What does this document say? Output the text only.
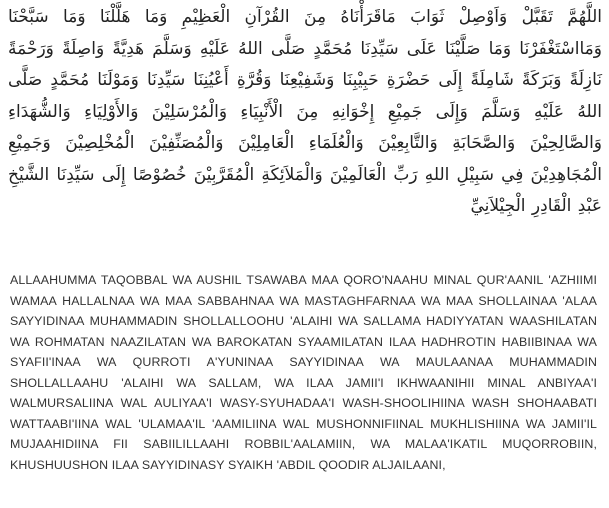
اللَّهُمَّ تَقَبَّلْ وَاَوْصِلْ ثَوَابَ مَاقَرَأْنَاهُ مِنَ القُرْآنِ الْعَظِيْمِ وَمَا هَلَّلْنَا وَمَا سَبَّحْنَا وَمَااسْتَغْفَرْنَا وَمَا صَلَّيْنَا عَلَى سَيِّدِنَا مُحَمَّدٍ صَلَّى اللهُ عَلَيْهِ وَسَلَّمَ هَدِيَّةً وَاصِلَةً وَرَحْمَةً نَازِلَةً وَبَرَكَةً شَامِلَةً إِلَى حَضْرَةِ حَبِيْبِنَا وَشَفِيْعِنَا وَقُرَّةِ أَعْيُنِنَا سَيِّدِنَا وَمَوْلَنَا مُحَمَّدٍ صَلَّى اللهُ عَلَيْهِ وَسَلَّمَ وَإِلَى جَمِيْعِ إِخْوَانِهِ مِنَ الْأَنْبِيَاءِ وَالْمُرْسَلِيْنَ وَالأَوْلِيَاءِ وَالشُّهَدَاءِ وَالصَّالِحِيْنَ وَالصَّحَابَةِ وَالتَّابِعِيْنَ وَالْعُلَمَاءِ الْعَامِلِيْنَ وَالْمُصَنِّفِيْنَ الْمُخْلِصِيْنَ وَجَمِيْعِ الْمُجَاهِدِيْنَ فِي سَبِيْلِ اللهِ رَبِّ الْعَالَمِيْنَ وَالْمَلاَئِكَةِ الْمُقَرَّبِيْنَ خُصُوْصًا إِلَى سَيِّدِنَا الشَّيْخِ عَبْدِ الْقَادِرِ الْجِيْلاَنِيِّ

ALLAAHUMMA TAQOBBAL WA AUSHIL TSAWABA MAA QORO'NAAHU MINAL QUR'AANIL 'AZHIIMI WAMAA HALLALNAA WA MAA SABBAHNAA WA MASTAGHFARNAA WA MAA SHOLLAINAA 'ALAA SAYYIDINAA MUHAMMADIN SHOLLALLOOHU 'ALAIHI WA SALLAMA HADIYYATAN WAASHILATAN WA ROHMATAN NAAZILATAN WA BAROKATAN SYAAMILATAN ILAA HADHROTIN HABIIBINAA WA SYAFII'INAA WA QURROTI A'YUNINAA SAYYIDINAA WA MAULAANAA MUHAMMADIN SHOLLALLAAHU 'ALAIHI WA SALLAM, WA ILAA JAMII'I IKHWAANIHII MINAL ANBIYAA'I WALMURSALIINA WAL AULIYAA'I WASY-SYUHADAA'I WASH-SHOOLIHIINA WASH SHOHAABATI WATTAABI'IINA WAL 'ULAMAA'IL 'AAMILIINA WAL MUSHONNIFIINAL MUKHLISHIINA WA JAMII'IL MUJAAHIDIINA FII SABIILILLAAHI ROBBIL'AALAMIIN, WA MALAA'IKATIL MUQORROBIIN, KHUSHUUSHON ILAA SAYYIDINASY SYAIKH 'ABDIL QOODIR ALJAILAANI,
